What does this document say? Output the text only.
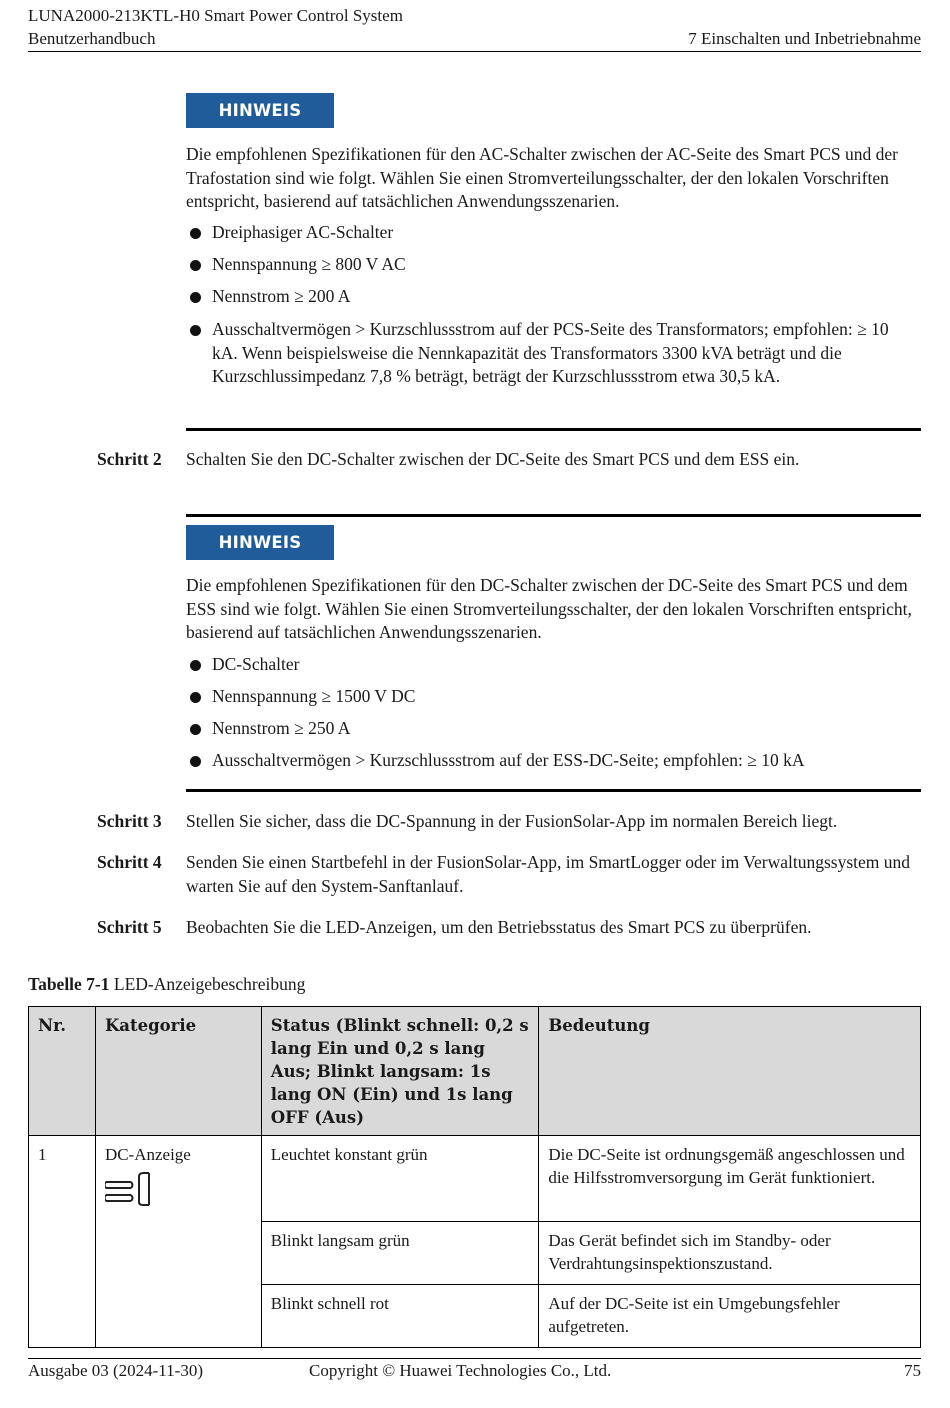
LUNA2000-213KTL-H0 Smart Power Control System
Benutzerhandbuch	7 Einschalten und Inbetriebnahme
HINWEIS
Die empfohlenen Spezifikationen für den AC-Schalter zwischen der AC-Seite des Smart PCS und der Trafostation sind wie folgt. Wählen Sie einen Stromverteilungsschalter, der den lokalen Vorschriften entspricht, basierend auf tatsächlichen Anwendungsszenarien.
Dreiphasiger AC-Schalter
Nennspannung ≥ 800 V AC
Nennstrom ≥ 200 A
Ausschaltvermögen > Kurzschlussstrom auf der PCS-Seite des Transformators; empfohlen: ≥ 10 kA. Wenn beispielsweise die Nennkapazität des Transformators 3300 kVA beträgt und die Kurzschlussimpedanz 7,8 % beträgt, beträgt der Kurzschlussstrom etwa 30,5 kA.
Schritt 2 Schalten Sie den DC-Schalter zwischen der DC-Seite des Smart PCS und dem ESS ein.
HINWEIS
Die empfohlenen Spezifikationen für den DC-Schalter zwischen der DC-Seite des Smart PCS und dem ESS sind wie folgt. Wählen Sie einen Stromverteilungsschalter, der den lokalen Vorschriften entspricht, basierend auf tatsächlichen Anwendungsszenarien.
DC-Schalter
Nennspannung ≥ 1500 V DC
Nennstrom ≥ 250 A
Ausschaltvermögen > Kurzschlussstrom auf der ESS-DC-Seite; empfohlen: ≥ 10 kA
Schritt 3 Stellen Sie sicher, dass die DC-Spannung in der FusionSolar-App im normalen Bereich liegt.
Schritt 4 Senden Sie einen Startbefehl in der FusionSolar-App, im SmartLogger oder im Verwaltungssystem und warten Sie auf den System-Sanftanlauf.
Schritt 5 Beobachten Sie die LED-Anzeigen, um den Betriebsstatus des Smart PCS zu überprüfen.
Tabelle 7-1 LED-Anzeigebeschreibung
Nr.	Kategorie	Status (Blinkt schnell: 0,2 s lang Ein und 0,2 s lang Aus; Blinkt langsam: 1s lang ON (Ein) und 1s lang OFF (Aus)	Bedeutung
1	DC-Anzeige	Leuchtet konstant grün	Die DC-Seite ist ordnungsgemäß angeschlossen und die Hilfsstromversorgung im Gerät funktioniert.
		Blinkt langsam grün	Das Gerät befindet sich im Standby- oder Verdrahtungsinspektionszustand.
		Blinkt schnell rot	Auf der DC-Seite ist ein Umgebungsfehler aufgetreten.
Ausgabe 03 (2024-11-30)	Copyright © Huawei Technologies Co., Ltd.	75
